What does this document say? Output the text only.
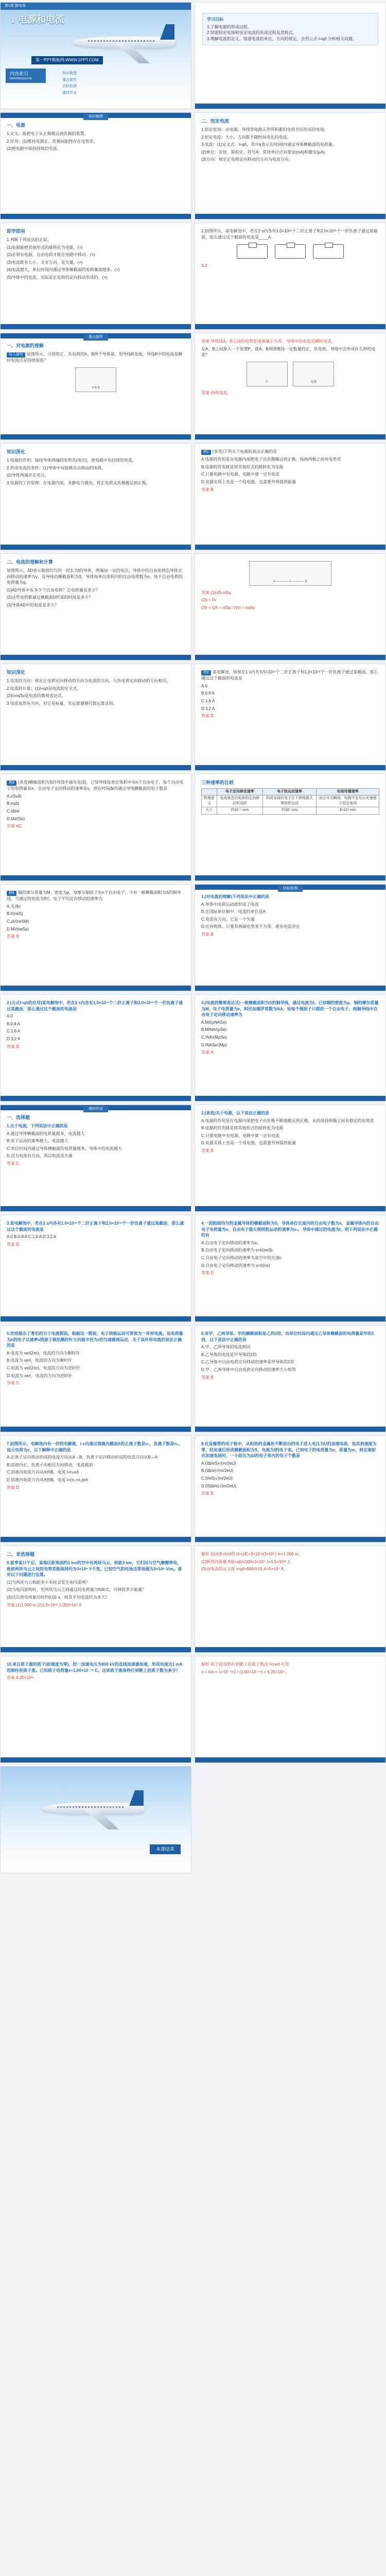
第1章 静电场
1 电源和电流
第一PPT模板网-WWW.1PPT.COM
内容索引
NEIRONGSUOYIN
知识梳理
重点探究
达标检测
课时作业
1
学习目标

1.了解电源的形成过程。

2.知道恒定电场和恒定电流的形成过程及其特点。

3.理解电流的定义，知道电流的单位、方向的规定，会用公式 I=q/t 分析相关问题。

知识梳理
一、电源

1.定义：能把电子从正极搬运到负极的装置。

2.作用：(1)维持电源正、负极间始终存在电势差。

(2)使电路中保持持续的电流。

二、恒定电流

1.恒定电场：由电源、导线等电路元件所积累的电荷共同形成的电场。

2.恒定电流：大小、方向都不随时间变化的电流。

3.电流：(1)定义式：I=q/t，其中q表示在时间t内通过导体横截面的电荷量。

(2)单位：安培，简称安，符号A；常用单位还有毫安(mA)和微安(μA)。

(3)方向：规定正电荷定向移动的方向为电流方向。

即学即用

1.判断下列说法的正误。

(1)电源能把其他形式的能转化为电能。(√)

(2)必须有电源，自由电荷才能在电路中移动。(×)

(3)电流既有大小，又有方向，是矢量。(×)

(4)电流越大，单位时间内通过导体横截面的电荷量就越多。(√)

(5)导体中的电流，实际是正电荷的定向移动形成的。(×)

2.如图所示，某电解池中，若在2 s内各有1.0×10¹⁹个二价正离子和2.0×10¹⁹个一价负离子通过某截面，那么通过这个截面的电流是____A。

3.2

重点探究
一、对电源的理解

导入探究 如图所示，分别带正、负电荷的A、B两个导体球，用导线R连接，导线R中的电流是瞬时电流还是持续电流？

A R B

答案 导体球A、B之间的电势差逐渐减小为零，导线中的电流是瞬时电流。

在A、B之间接入一个装置P，使A、B周围维持一定数量的正、负电荷，导线中会形成什么样的电流？

P
	电源

答案 持续电流。

知识深化

1.电源的作用：保持导体两端的电势差(电压)，使电路中有持续的电流。

2.形成电流的条件：(1)导体中有能够自由移动的电荷。

(2)导体两端存在电压。

3.电源的工作原理：在电源内部，非静电力做功，将正电荷从负极搬运到正极。

例1 (多选)下列关于电源的说法正确的是

A.电源的作用是在电源内部把电子由负极搬运到正极，保持两极之间有电势差

B.电源的作用就是将其他形式的能转化为电能

C.只要电路中有电源，电路中就一定有电流

D.电源实质上也是一个用电器，也需要外界提供能量

答案 B

二、电流的理解和计算

如图所示，AD表示粗细均匀的一段长为l的导体，两端加一定的电压，导体中的自由电荷沿导体定向移动的速率为v，设导体的横截面积为S，导体每单位体积内的自由电荷数为n，每个自由电荷的电荷量为q。

(1)AD导体中有多少个自由电荷？总电荷量是多少？

(2)这些电荷都通过横截面D所需的时间是多少？

(3)导体AD中的电流是多大？

A ———— v ———— D

答案 (1)nlS nlSq

(2)t = l/v

(3)I = Q/t = nlSq / (l/v) = nqSv

知识深化

1.电流的方向：规定正电荷定向移动的方向为电流的方向，与负电荷定向移动的方向相反。

2.电流的计算：(1)I=q/t是电流的定义式。

(2)I=nqSv是电流的微观表达式。

3.电流虽然有方向，但它是标量，其运算遵循代数运算法则。

例2 某电解池，如果在1 s内共有5×10¹⁸个二价正离子和1.0×10¹⁹个一价负离子通过某截面，那么通过这个截面的电流是

A.0

B.0.8 A

C.1.6 A

D.3.2 A

答案 D

例3 (多选)横截面积为S的导线中通有电流I，已知导线每单位体积中有n个自由电子，每个自由电子的电荷量是e，自由电子定向移动的速率是v，则在时间Δt内通过导线横截面的电子数是

A.nSvΔt

B.nvΔt

C.IΔt/e

D.IΔt/(Se)

答案 AC

三种速率的比较
	电子定向移动速率	电子热运动速率	电场传播速率
物理意义	电流就是由电荷的定向移动形成的	构成导体的电子在不停地做无规则热运动	闭合开关瞬间，电路中各处以光速建立恒定电场
大小	约10⁻⁵ m/s	约10⁵ m/s	3×10⁸ m/s

例4 铜的摩尔质量为M，密度为ρ，每摩尔铜原子有n个自由电子，今有一根横截面积为S的铜导线，当通过的电流为I时，电子平均定向移动的速率为

A.光速c

B.I/(neS)

C.ρI/(neSM)

D.MI/(neSρ)

答案 D

达标检测

1.(对电流的理解)下列说法中正确的是

A.导体中电荷运动就形成了电流

B.在国际单位制中，电流的单位是A

C.电流有方向，它是一个矢量

D.任何物体，只要其两端电势差不为零，就有电流存在

答案 B

2.(公式I=q/t的应用)某电解池中，若在2 s内各有1.0×10¹⁹个二价正离子和2.0×10¹⁹个一价负离子通过某截面，那么通过这个截面的电流是

A.0

B.0.8 A

C.1.6 A

D.3.2 A

答案 D

3.(电流的微观表达式)一根横截面积为S的铜导线，通过电流为I。已知铜的密度为ρ，铜的摩尔质量为M，电子电荷量为e，阿伏加德罗常数为NA，设每个铜原子只提供一个自由电子，则铜导线中自由电子定向移动速率为

A.MI/(ρNASe)

B.MINA/(ρSe)

C.INA/(MρSe)

D.INASe/(Mρ)

答案 A

课时作业
一、选择题

1.关于电流，下列说法中正确的是

A.通过导体横截面的电荷量越多，电流越大

B.电子运动的速率越大，电流越大

C.单位时间内通过导体横截面的电荷量越多，导体中的电流越大

D.因为电流有方向，所以电流是矢量

答案 C

2.(多选)关于电源，以下说法正确的是

A.电源的作用是在电源内部把电子由负极不断地搬运到正极，从而保持两极之间有稳定的电势差

B.电源的作用就是将其他形式的能转化为电能

C.只要电路中有电源，电路中就一定有电流

D.电源实质上也是一个用电器，也需要外界提供能量

答案 B

3.某电解池中，若在2 s内各有1.0×10¹⁹个二价正离子和2.0×10¹⁹个一价负离子通过某截面，那么通过这个截面的电流是

A.0 B.0.8 A C.1.6 A D.3.2 A

答案 D

4.一段粗细均匀的金属导体的横截面积为S，导体单位长度内的自由电子数为n，金属导体内的自由电子电荷量为e，自由电子做无规则热运动的速率为v₀，导体中通过的电流为I，则下列说法中正确的有

A.自由电子定向移动的速率为v₀

B.自由电子定向移动的速率为 v=I/(neS)

C.自由电子定向移动的速率为真空中的光速c

D.自由电子定向移动的速率为 v=I/(ne)

答案 D

5.安培提出了著名的分子电流假说。根据这一假说，电子绕核运动可等效为一环形电流。设电荷量为e的电子以速率v绕原子核沿顺时针方向做半径为r的匀速圆周运动，关于该环形电流的说法正确的是

A.电流为 ve/(2πr)，电流的方向为顺时针

B.电流为 ve/r，电流的方向为顺时针

C.电流为 ve/(2πr)，电流的方向为逆时针

D.电流为 ve/r，电流的方向为逆时针

答案 C

6.有甲、乙两导体，甲的横截面积是乙的2倍，而单位时间内通过乙导体横截面的电荷量是甲的2倍，以下说法中正确的是

A.甲、乙两导体的电流相同

B.乙导体的电流是甲导体的2倍

C.乙导体中自由电荷定向移动的速率是甲导体的2倍

D.甲、乙两导体中自由电荷定向移动的速率大小相等

答案 B

7.如图所示，电解池内有一价的电解液，t s内通过溶液内截面S的正离子数是n₁，负离子数是n₂，设元电荷为e，以下解释中正确的是

A.正离子定向移动形成的电流方向从A→B，负离子定向移动形成的电流方向从B→A

B.溶液内正、负离子向相反方向移动，电流抵消

C.溶液内电流方向从A到B，电流 I=n₁e/t

D.溶液内电流方向从A到B，电流 I=(n₁+n₂)e/t

答案 D

8.在显像管的电子枪中，从炽热的金属丝不断放出的电子进入电压为U的加速电场，设其初速度为零，经加速后形成横截面积为S、电流为I的电子束。已知电子的电荷量为e、质量为m，则在刚射出加速电场时，一小段长为Δl的电子束内的电子个数是

A.(IΔl/eS)√(m/2eU)

B.(IΔl/e)√(m/2eU)

C.(I/eS)√(m/2eU)

D.(ISΔl/e)√(m/2eU)

答案 B

二、非选择题

9.夏季某日午后，某地区距地面约1 km的空中有两块乌云，相距3 km，它们因与空气摩擦带电，致使两块乌云之间的电势差能保持约为3×10⁹ V不变。已知空气的电场击穿场强为3×10⁶ V/m。请对以下问题进行估算。

(1)当两块乌云相距多少米时会发生电闪雷鸣？

(2)当电闪雷鸣时，若两块乌云之间通过的电荷量为500 C，可释放多少能量？

(3)这次放电现象历时约0.01 s，则其平均电流约为多大？

答案 (1)1 000 m (2)1.5×10¹² J (3)5×10⁴ A

解析 (1)由E=U/d得 d=U/E=3×10⁹/(3×10⁶) m=1 000 m。

(2)释放的能量 E能=qU=500×3×10⁹ J=1.5×10¹² J。

(3)由电流的定义得 I=q/t=500/0.01 A=5×10⁴ A。

10.来自质子源的质子(初速度为零)，经一加速电压为800 kV的直线加速器加速，形成电流为1 mA的细柱形质子流。已知质子电荷量e=1.60×10⁻¹⁹ C。这束质子流每秒打到靶上的质子数为多少？

答案 6.25×10¹⁵

解析 质子流每秒打到靶上的质子数由 I=ne/t 可知

n = It/e = 1×10⁻³×1 / (1.60×10⁻¹⁹) = 6.25×10¹⁵。

本课结束
